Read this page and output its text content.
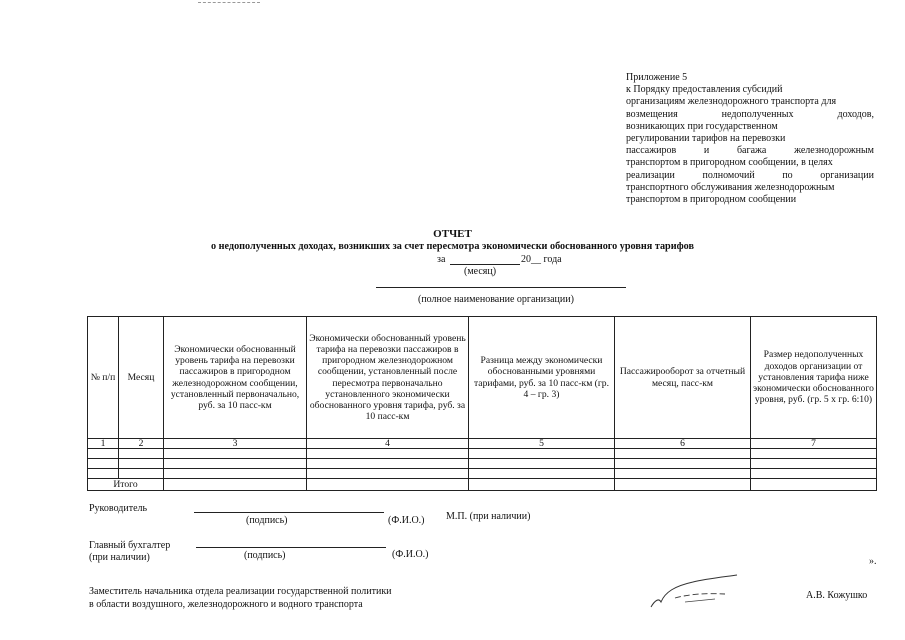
Приложение 5
к Порядку предоставления субсидий
организациям железнодорожного транспорта для
возмещения недополученных доходов,
возникающих при государственном
регулировании тарифов на перевозки
пассажиров и багажа железнодорожным
транспортом в пригородном сообщении, в целях
реализации полномочий по организации
транспортного обслуживания железнодорожным
транспортом в пригородном сообщении
ОТЧЕТ
о недополученных доходах, возникших за счет пересмотра экономически обоснованного уровня тарифов
за	20__ года
(месяц)
(полное наименование организации)
№ п/п	Месяц	Экономически обоснованный уровень тарифа на перевозки пассажиров в пригородном железнодорожном сообщении, установленный первоначально, руб. за 10 пасс-км	Экономически обоснованный уровень тарифа на перевозки пассажиров в пригородном железнодорожном сообщении, установленный после пересмотра первоначально установленного экономически обоснованного уровня тарифа, руб. за 10 пасс-км	Разница между экономически обоснованными уровнями тарифами, руб. за 10 пасс-км (гр. 4 – гр. 3)	Пассажирооборот за отчетный месяц, пасс-км	Размер недополученных доходов организации от установления тарифа ниже экономически обоснованного уровня, руб. (гр. 5 х гр. 6:10)
1	2	3	4	5	6	7

Итого						
Руководитель
(подпись)	(Ф.И.О.) М.П. (при наличии)
Главный бухгалтер
(при наличии)	(подпись)	(Ф.И.О.)
».
Заместитель начальника отдела реализации государственной политики
в области воздушного, железнодорожного и водного транспорта
А.В. Кожушко
